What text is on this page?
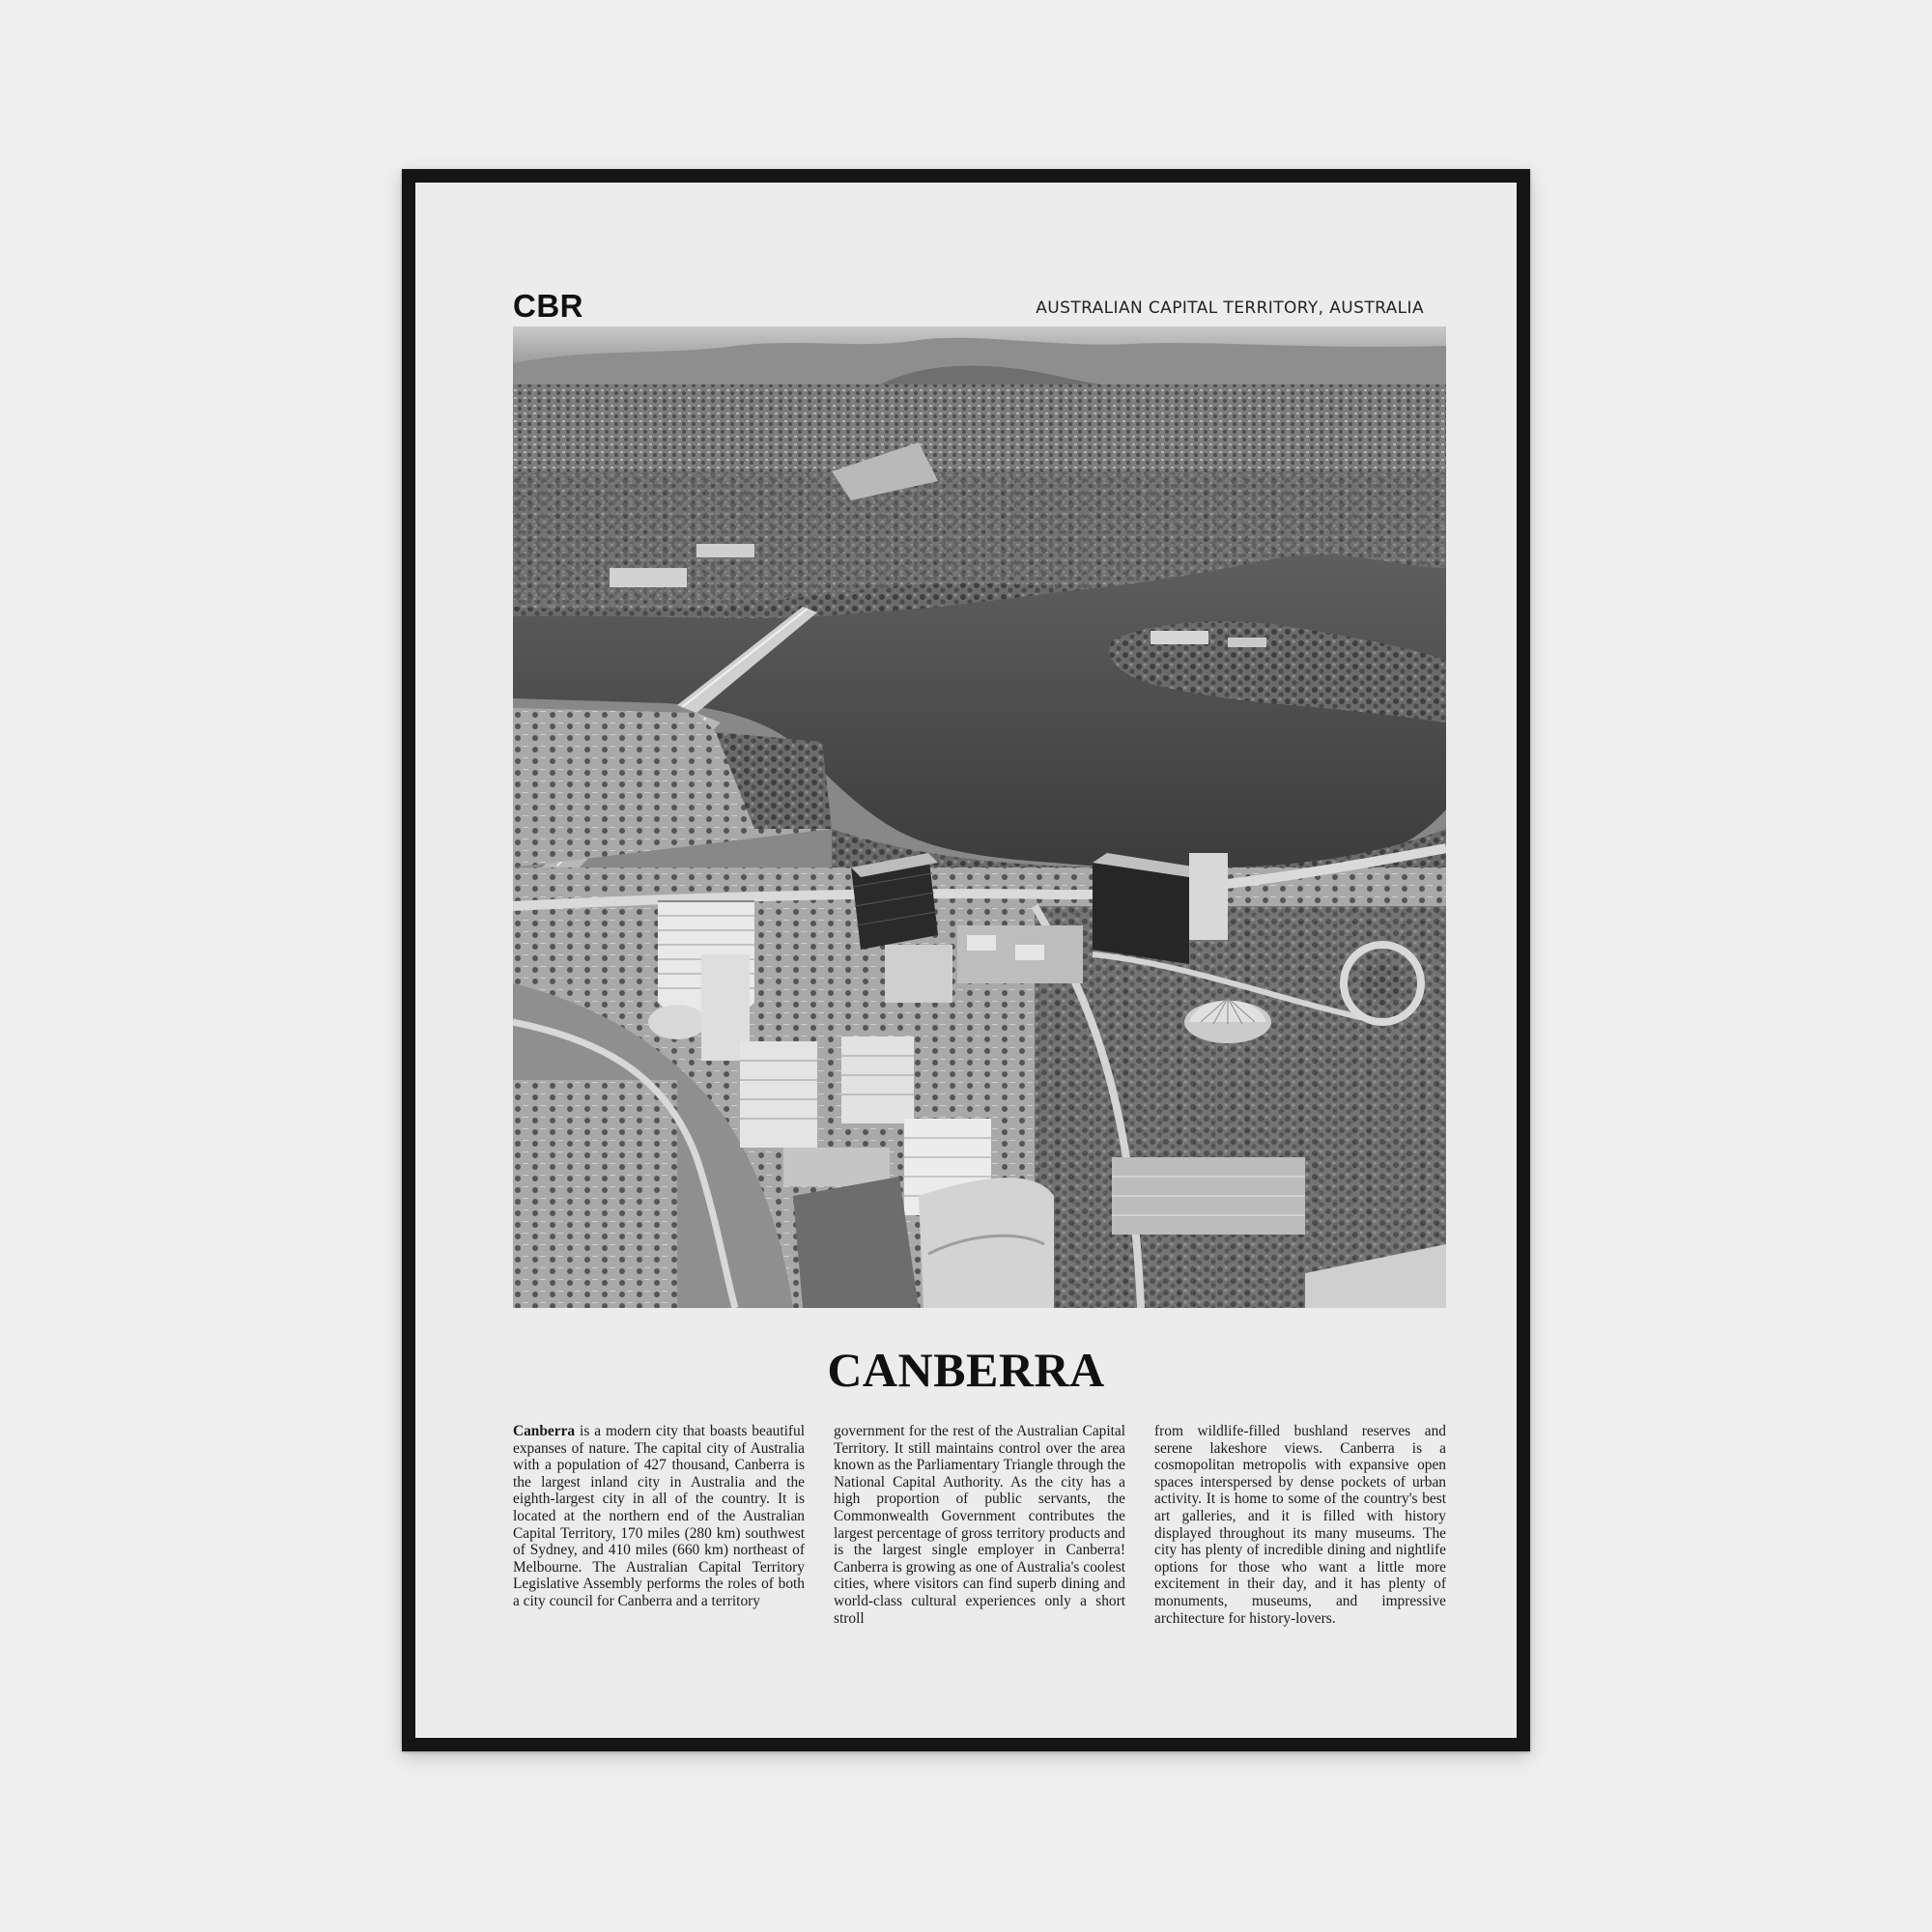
CBR	AUSTRALIAN CAPITAL TERRITORY, AUSTRALIA
CANBERRA
Canberra is a modern city that boasts beautiful expanses of nature. The capital city of Australia with a population of 427 thousand, Canberra is the largest inland city in Australia and the eighth-largest city in all of the country. It is located at the northern end of the Australian Capital Territory, 170 miles (280 km) southwest of Sydney, and 410 miles (660 km) northeast of Melbourne. The Australian Capital Territory Legislative Assembly performs the roles of both a city council for Canberra and a territory
government for the rest of the Australian Capital Territory. It still maintains control over the area known as the Parliamentary Triangle through the National Capital Authority. As the city has a high proportion of public servants, the Commonwealth Government contributes the largest percentage of gross territory products and is the largest single employer in Canberra! Canberra is growing as one of Australia's coolest cities, where visitors can find superb dining and world-class cultural experiences only a short stroll
from wildlife-filled bushland reserves and serene lakeshore views. Canberra is a cosmopolitan metropolis with expansive open spaces interspersed by dense pockets of urban activity. It is home to some of the country's best art galleries, and it is filled with history displayed throughout its many museums. The city has plenty of incredible dining and nightlife options for those who want a little more excitement in their day, and it has plenty of monuments, museums, and impressive architecture for history-lovers.
